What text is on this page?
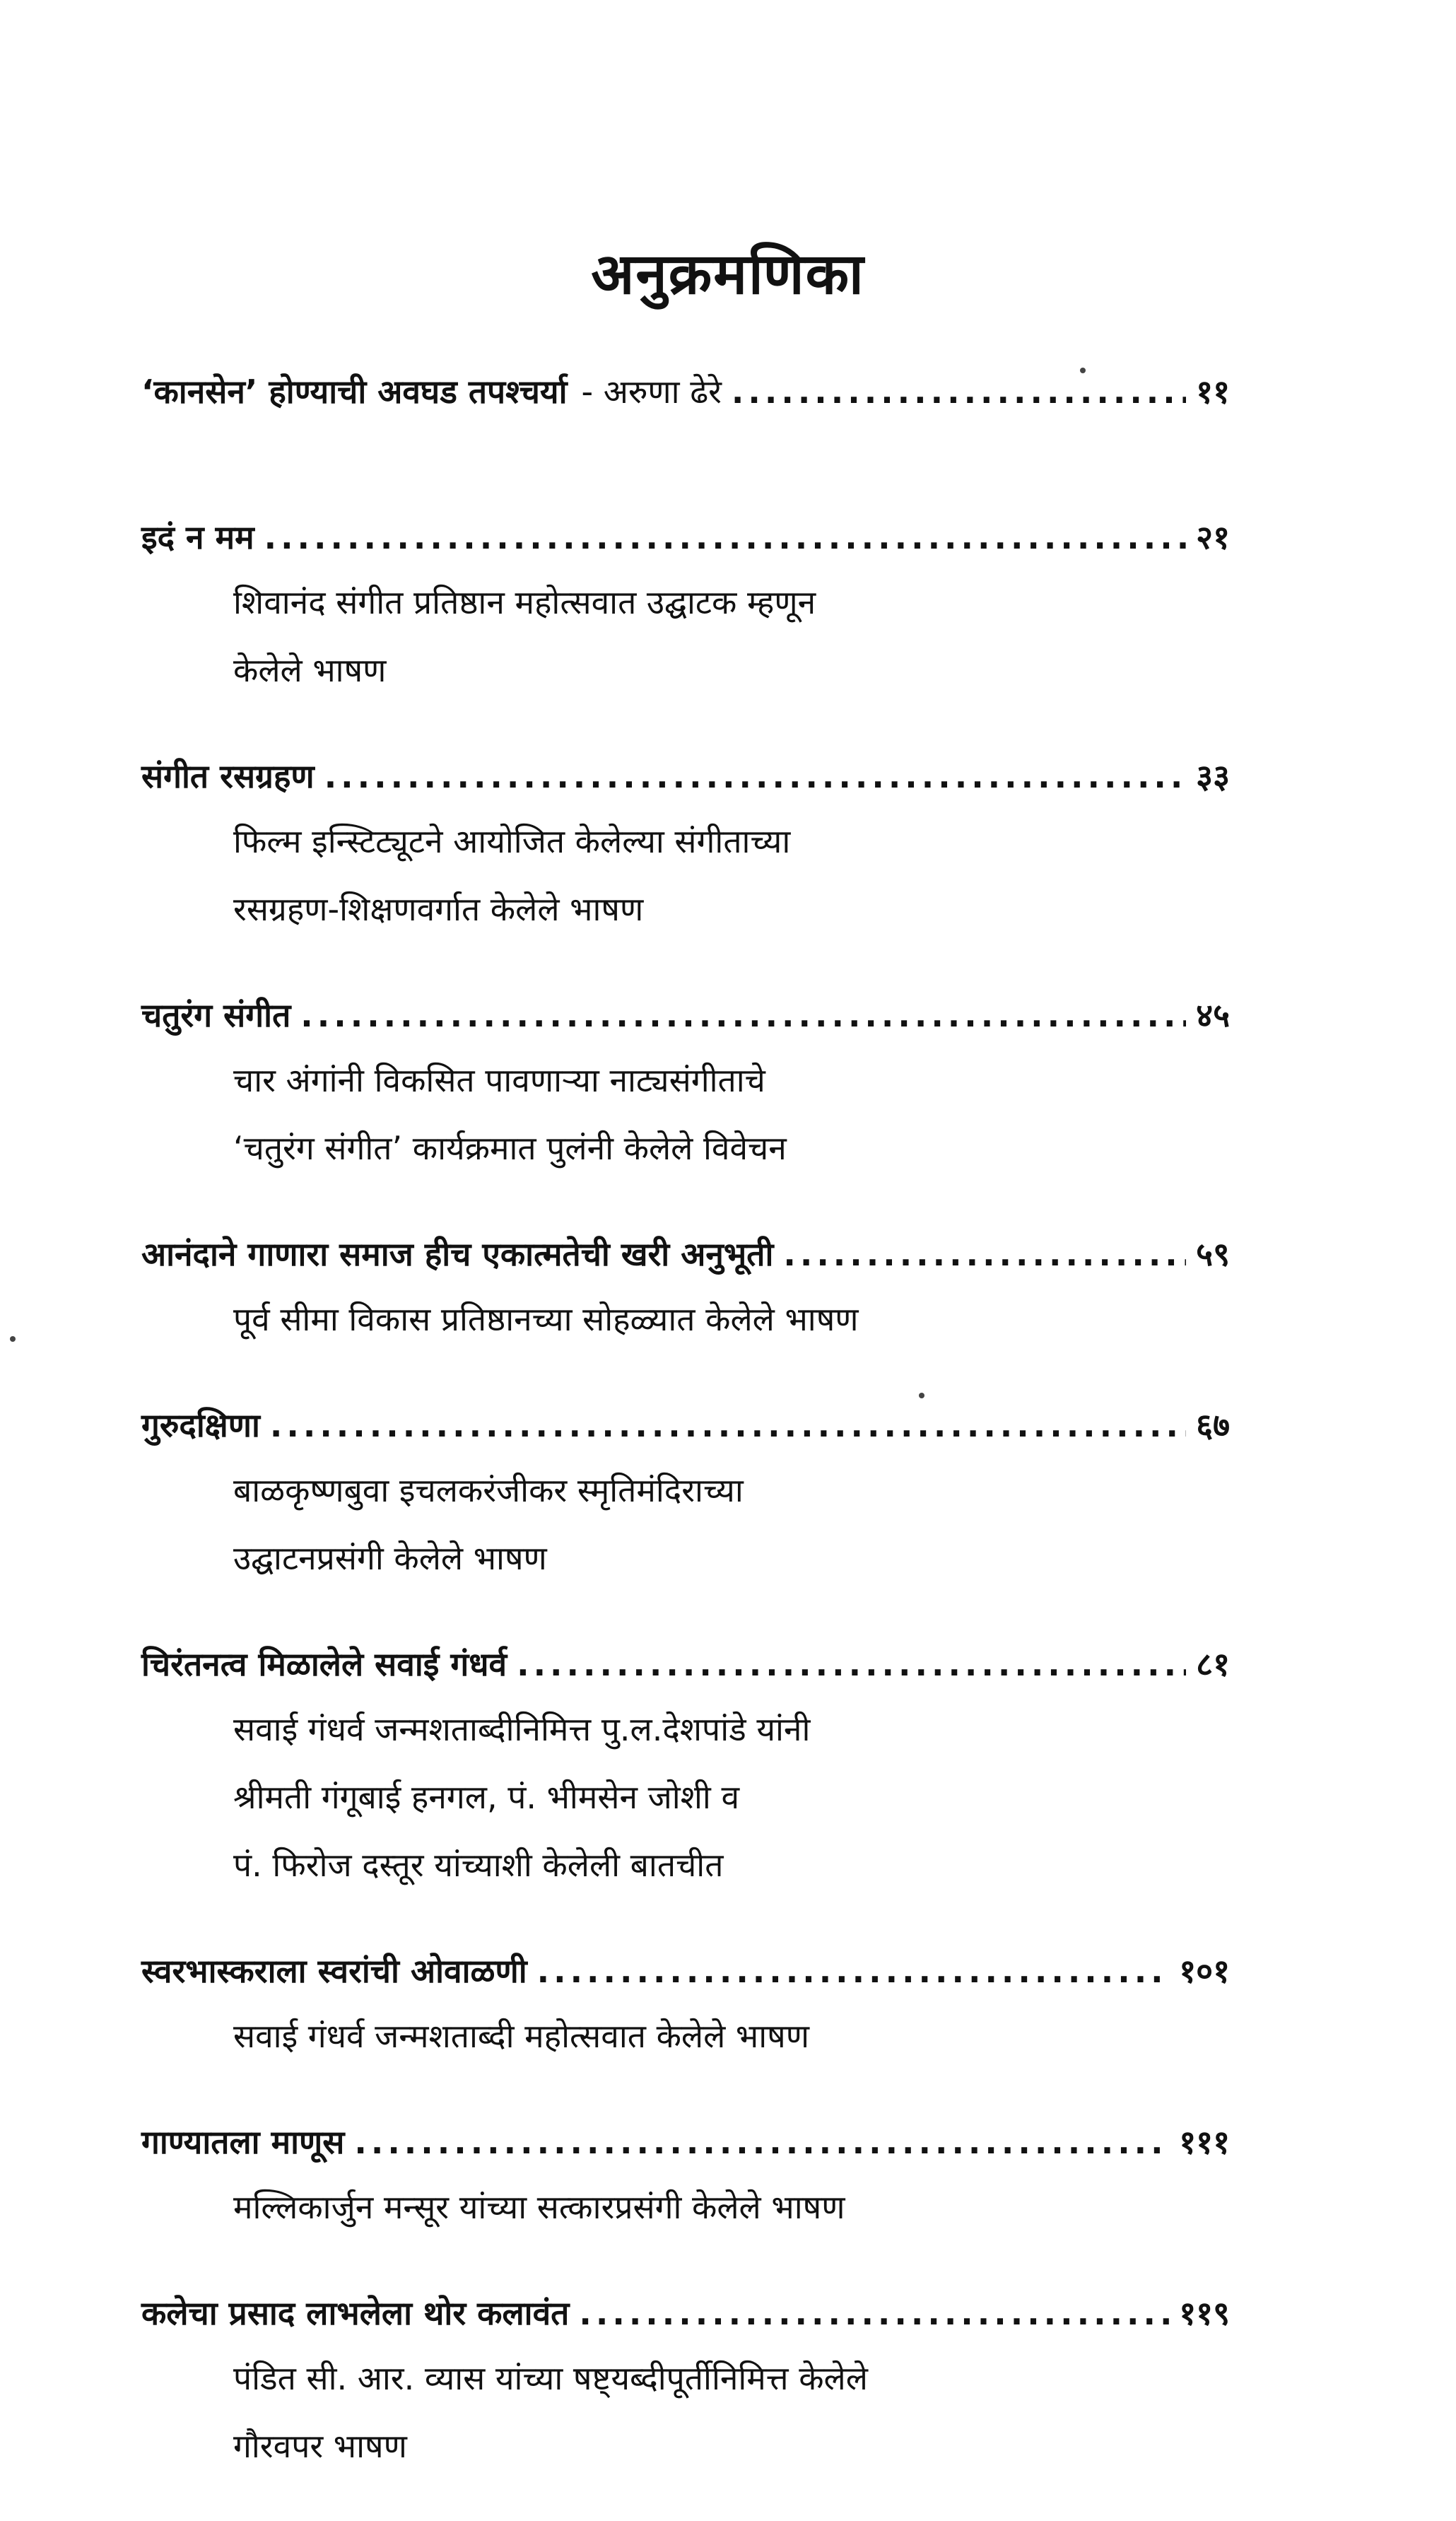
अनुक्रमणिका
‘कानसेन’ होण्याची अवघड तपश्चर्या - अरुणा ढेरे .....	११
इदं न मम .....	२१
शिवानंद संगीत प्रतिष्ठान महोत्सवात उद्घाटक म्हणून
केलेले भाषण
संगीत रसग्रहण .....	३३
फिल्म इन्स्टिट्यूटने आयोजित केलेल्या संगीताच्या
रसग्रहण-शिक्षणवर्गात केलेले भाषण
चतुरंग संगीत .....	४५
चार अंगांनी विकसित पावणाऱ्या नाट्यसंगीताचे
‘चतुरंग संगीत’ कार्यक्रमात पुलंनी केलेले विवेचन
आनंदाने गाणारा समाज हीच एकात्मतेची खरी अनुभूती .....	५९
पूर्व सीमा विकास प्रतिष्ठानच्या सोहळ्यात केलेले भाषण
गुरुदक्षिणा .....	६७
बाळकृष्णबुवा इचलकरंजीकर स्मृतिमंदिराच्या
उद्घाटनप्रसंगी केलेले भाषण
चिरंतनत्व मिळालेले सवाई गंधर्व .....	८१
सवाई गंधर्व जन्मशताब्दीनिमित्त पु.ल.देशपांडे यांनी
श्रीमती गंगूबाई हनगल, पं. भीमसेन जोशी व
पं. फिरोज दस्तूर यांच्याशी केलेली बातचीत
स्वरभास्कराला स्वरांची ओवाळणी .....	१०१
सवाई गंधर्व जन्मशताब्दी महोत्सवात केलेले भाषण
गाण्यातला माणूस .....	१११
मल्लिकार्जुन मन्सूर यांच्या सत्कारप्रसंगी केलेले भाषण
कलेचा प्रसाद लाभलेला थोर कलावंत .....	११९
पंडित सी. आर. व्यास यांच्या षष्ट्यब्दीपूर्तीनिमित्त केलेले
गौरवपर भाषण
